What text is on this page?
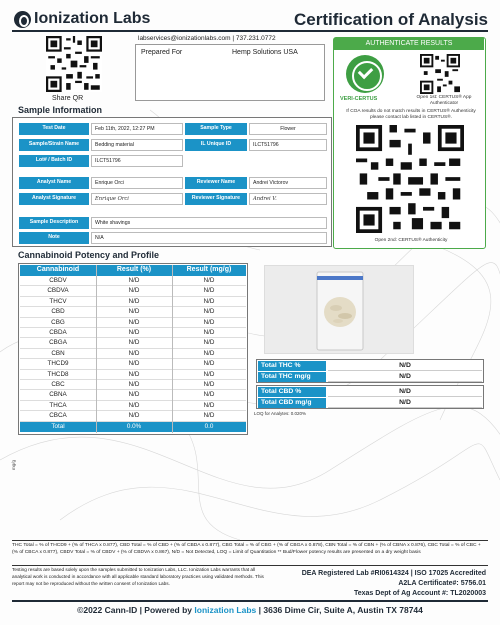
Ionization Labs	Certification of Analysis
Share QR
labservices@ionizationlabs.com | 737.231.0772
Prepared For	Hemp Solutions USA
Sample Information
Test Date	Feb 11th, 2022, 12:27 PM	Sample Type	Flower
Sample/Strain Name	Bedding material	IL Unique ID	ILCT51796
Lot# / Batch ID	ILCT51796
Analyst Name	Enrique Orci	Reviewer Name	Andrei Victorov
Analyst Signature	Enrique Orci	Reviewer Signature	Andrei V.
Sample Description	White shavings
Note	N/A
AUTHENTICATE RESULTS
VERI-CERTUS	Open 1st: CERTUS® App Authenticator
If COA results do not match results in CERTUS® Authenticity please contact lab listed in CERTUS®.
Open 2nd: CERTUS® Authenticity
Cannabinoid Potency and Profile
Cannabinoid	Result (%)	Result (mg/g)
CBDV	N/D	N/D
CBDVA	N/D	N/D
THCV	N/D	N/D
CBD	N/D	N/D
CBG	N/D	N/D
CBDA	N/D	N/D
CBGA	N/D	N/D
CBN	N/D	N/D
THCD9	N/D	N/D
THCD8	N/D	N/D
CBC	N/D	N/D
CBNA	N/D	N/D
THCA	N/D	N/D
CBCA	N/D	N/D
Total	0.0%	0.0
Total THC %	N/D
Total THC mg/g	N/D
Total CBD %	N/D
Total CBD mg/g	N/D
LOQ for Analytes: 0.020%
mg/g
THC Total = % of THCD9 + (% of THCA x 0.877), CBD Total = % of CBD + (% of CBDA x 0.877), CBG Total = % of CBG + (% of CBGA x 0.878), CBN Total = % of CBN + (% of CBNA x 0.876), CBC Total = % of CBC + (% of CBCA x 0.877), CBDV Total = % of CBDV + (% of CBDVA x 0.867), N/D = Not Detected, LOQ = Limit of Quantitation ** Bud/Flower potency results are presented on a dry weight basis
Testing results are based solely upon the samples submitted to Ionization Labs, LLC. Ionization Labs warrants that all analytical work is conducted in accordance with all applicable standard laboratory practices using validated methods. This report may not be reproduced without the written consent of Ionization Labs.
DEA Registered Lab #RI0614324 | ISO 17025 Accredited
A2LA Certificate#: 5756.01
Texas Dept of Ag Account #: TL2020003
©2022 Cann-ID | Powered by Ionization Labs | 3636 Dime Cir, Suite A, Austin TX 78744
